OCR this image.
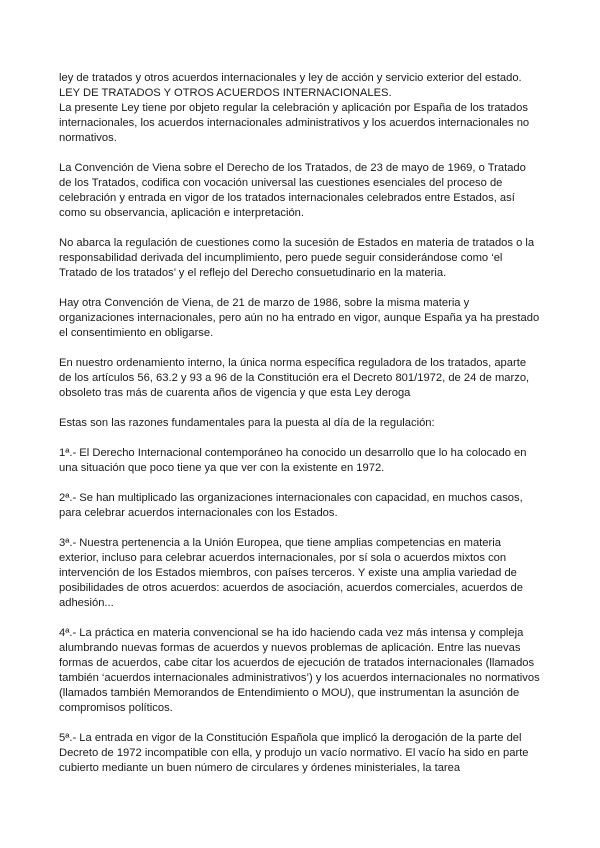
ley de tratados y otros acuerdos internacionales y ley de acción y servicio exterior del estado.

LEY DE TRATADOS Y OTROS ACUERDOS INTERNACIONALES.

La presente Ley tiene por objeto regular la celebración y aplicación por España de los tratados internacionales, los acuerdos internacionales administrativos y los acuerdos internacionales no normativos.

La Convención de Viena sobre el Derecho de los Tratados, de 23 de mayo de 1969, o Tratado de los Tratados, codifica con vocación universal las cuestiones esenciales del proceso de celebración y entrada en vigor de los tratados internacionales celebrados entre Estados, así como su observancia, aplicación e interpretación.

No abarca la regulación de cuestiones como la sucesión de Estados en materia de tratados o la responsabilidad derivada del incumplimiento, pero puede seguir considerándose como ‘el Tratado de los tratados’ y el reflejo del Derecho consuetudinario en la materia.

Hay otra Convención de Viena, de 21 de marzo de 1986, sobre la misma materia y organizaciones internacionales, pero aún no ha entrado en vigor, aunque España ya ha prestado el consentimiento en obligarse.

En nuestro ordenamiento interno, la única norma específica reguladora de los tratados, aparte de los artículos 56, 63.2 y 93 a 96 de la Constitución era el Decreto 801/1972, de 24 de marzo, obsoleto tras más de cuarenta años de vigencia y que esta Ley deroga

Estas son las razones fundamentales para la puesta al día de la regulación:

1ª.- El Derecho Internacional contemporáneo ha conocido un desarrollo que lo ha colocado en una situación que poco tiene ya que ver con la existente en 1972.

2ª.- Se han multiplicado las organizaciones internacionales con capacidad, en muchos casos, para celebrar acuerdos internacionales con los Estados.

3ª.- Nuestra pertenencia a la Unión Europea, que tiene amplias competencias en materia exterior, incluso para celebrar acuerdos internacionales, por sí sola o acuerdos mixtos con intervención de los Estados miembros, con países terceros. Y existe una amplia variedad de posibilidades de otros acuerdos: acuerdos de asociación, acuerdos comerciales, acuerdos de adhesión...

4ª.- La práctica en materia convencional se ha ido haciendo cada vez más intensa y compleja alumbrando nuevas formas de acuerdos y nuevos problemas de aplicación. Entre las nuevas formas de acuerdos, cabe citar los acuerdos de ejecución de tratados internacionales (llamados también ‘acuerdos internacionales administrativos’) y los acuerdos internacionales no normativos (llamados también Memorandos de Entendimiento o MOU), que instrumentan la asunción de compromisos políticos.

5ª.- La entrada en vigor de la Constitución Española que implicó la derogación de la parte del Decreto de 1972 incompatible con ella, y produjo un vacío normativo. El vacío ha sido en parte cubierto mediante un buen número de circulares y órdenes ministeriales, la tarea
